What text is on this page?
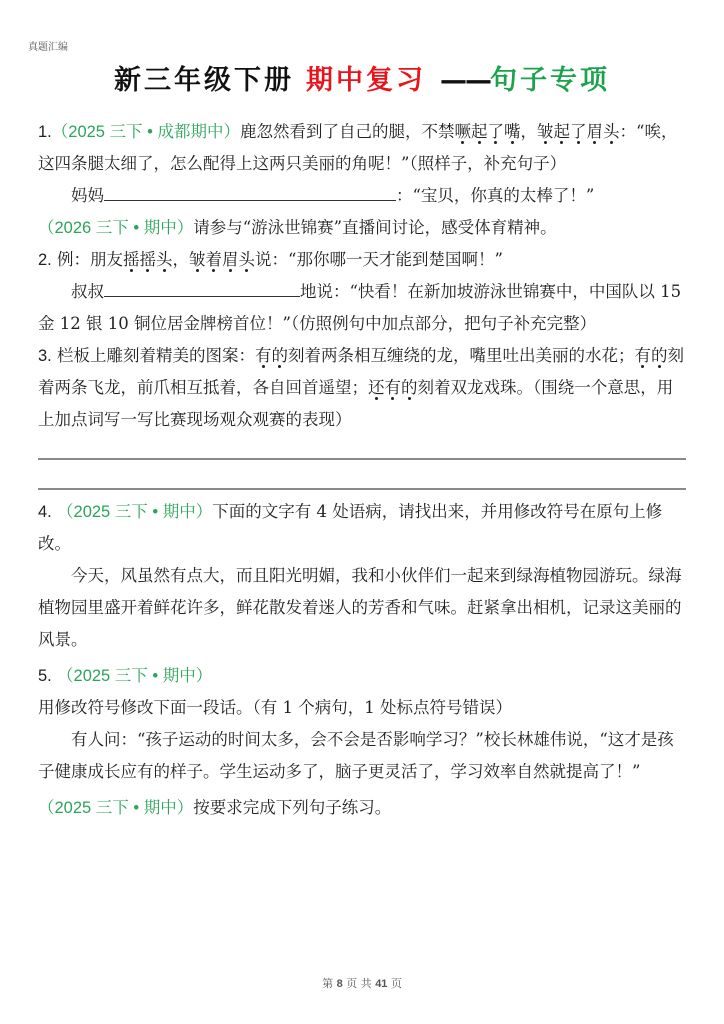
真题汇编
新三年级下册 期中复习 ——句子专项

1.（2025 三下 • 成都期中）鹿忽然看到了自己的腿，不禁噘起了嘴，皱起了眉头：“唉，这四条腿太细了，怎么配得上这两只美丽的角呢！”（照样子，补充句子）

妈妈	：“宝贝，你真的太棒了！”

（2026 三下 • 期中）请参与“游泳世锦赛”直播间讨论，感受体育精神。

2. 例：朋友摇摇头，皱着眉头说：“那你哪一天才能到楚国啊！”

叔叔	地说：“快看！在新加坡游泳世锦赛中，中国队以 15 金 12 银 10 铜位居金牌榜首位！”（仿照例句中加点部分，把句子补充完整）

3. 栏板上雕刻着精美的图案：有的刻着两条相互缠绕的龙，嘴里吐出美丽的水花；有的刻着两条飞龙，前爪相互抵着，各自回首遥望；还有的刻着双龙戏珠。（围绕一个意思，用上加点词写一写比赛现场观众观赛的表现）

4. （2025 三下 • 期中）下面的文字有 4 处语病，请找出来，并用修改符号在原句上修改。

今天，风虽然有点大，而且阳光明媚，我和小伙伴们一起来到绿海植物园游玩。绿海植物园里盛开着鲜花许多，鲜花散发着迷人的芳香和气味。赶紧拿出相机，记录这美丽的风景。

5. （2025 三下 • 期中）用修改符号修改下面一段话。（有 1 个病句，1 处标点符号错误）

有人问：“孩子运动的时间太多，会不会是否影响学习？”校长林雄伟说，“这才是孩子健康成长应有的样子。学生运动多了，脑子更灵活了，学习效率自然就提高了！”

（2025 三下 • 期中）按要求完成下列句子练习。

第 8 页 共 41 页
